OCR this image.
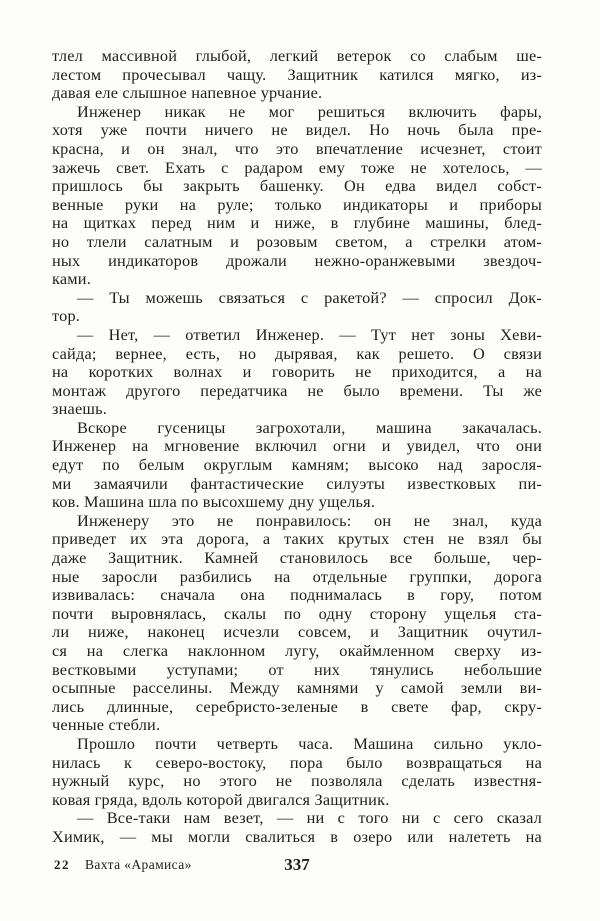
тлел массивной глыбой, легкий ветерок со слабым ше-
лестом прочесывал чащу. Защитник катился мягко, из-
давая еле слышное напевное урчание.
Инженер никак не мог решиться включить фары,
хотя уже почти ничего не видел. Но ночь была пре-
красна, и он знал, что это впечатление исчезнет, стоит
зажечь свет. Ехать с радаром ему тоже не хотелось, —
пришлось бы закрыть башенку. Он едва видел собст-
венные руки на руле; только индикаторы и приборы
на щитках перед ним и ниже, в глубине машины, блед-
но тлели салатным и розовым светом, а стрелки атом-
ных индикаторов дрожали нежно-оранжевыми звездоч-
ками.
— Ты можешь связаться с ракетой? — спросил Док-
тор.
— Нет, — ответил Инженер. — Тут нет зоны Хеви-
сайда; вернее, есть, но дырявая, как решето. О связи
на коротких волнах и говорить не приходится, а на
монтаж другого передатчика не было времени. Ты же
знаешь.
Вскоре гусеницы загрохотали, машина закачалась.
Инженер на мгновение включил огни и увидел, что они
едут по белым округлым камням; высоко над заросля-
ми замаячили фантастические силуэты известковых пи-
ков. Машина шла по высохшему дну ущелья.
Инженеру это не понравилось: он не знал, куда
приведет их эта дорога, а таких крутых стен не взял бы
даже Защитник. Камней становилось все больше, чер-
ные заросли разбились на отдельные группки, дорога
извивалась: сначала она поднималась в гору, потом
почти выровнялась, скалы по одну сторону ущелья ста-
ли ниже, наконец исчезли совсем, и Защитник очутил-
ся на слегка наклонном лугу, окаймленном сверху из-
вестковыми уступами; от них тянулись небольшие
осыпные расселины. Между камнями у самой земли ви-
лись длинные, серебристо-зеленые в свете фар, скру-
ченные стебли.
Прошло почти четверть часа. Машина сильно укло-
нилась к северо-востоку, пора было возвращаться на
нужный курс, но этого не позволяла сделать известня-
ковая гряда, вдоль которой двигался Защитник.
— Все-таки нам везет, — ни с того ни с сего сказал
Химик, — мы могли свалиться в озеро или налететь на
337
22 Вахта «Арамиса»
